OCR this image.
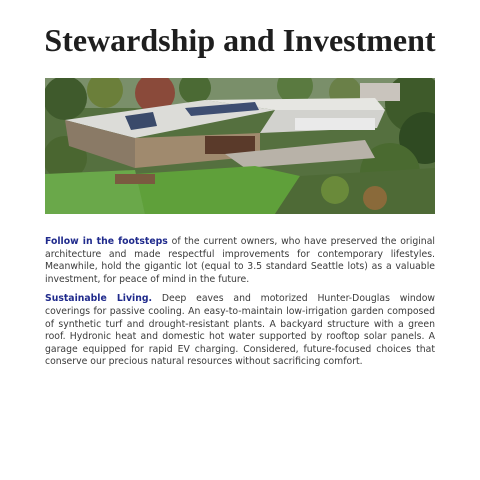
Stewardship and Investment

Follow in the footsteps of the current owners, who have preserved the original architecture and made respectful improvements for contemporary lifestyles. Meanwhile, hold the gigantic lot (equal to 3.5 standard Seattle lots) as a valuable investment, for peace of mind in the future.

Sustainable Living. Deep eaves and motorized Hunter-Douglas window coverings for passive cooling. An easy-to-maintain low-irrigation garden composed of synthetic turf and drought-resistant plants. A backyard structure with a green roof. Hydronic heat and domestic hot water supported by rooftop solar panels. A garage equipped for rapid EV charging. Considered, future-focused choices that conserve our precious natural resources without sacrificing comfort.
